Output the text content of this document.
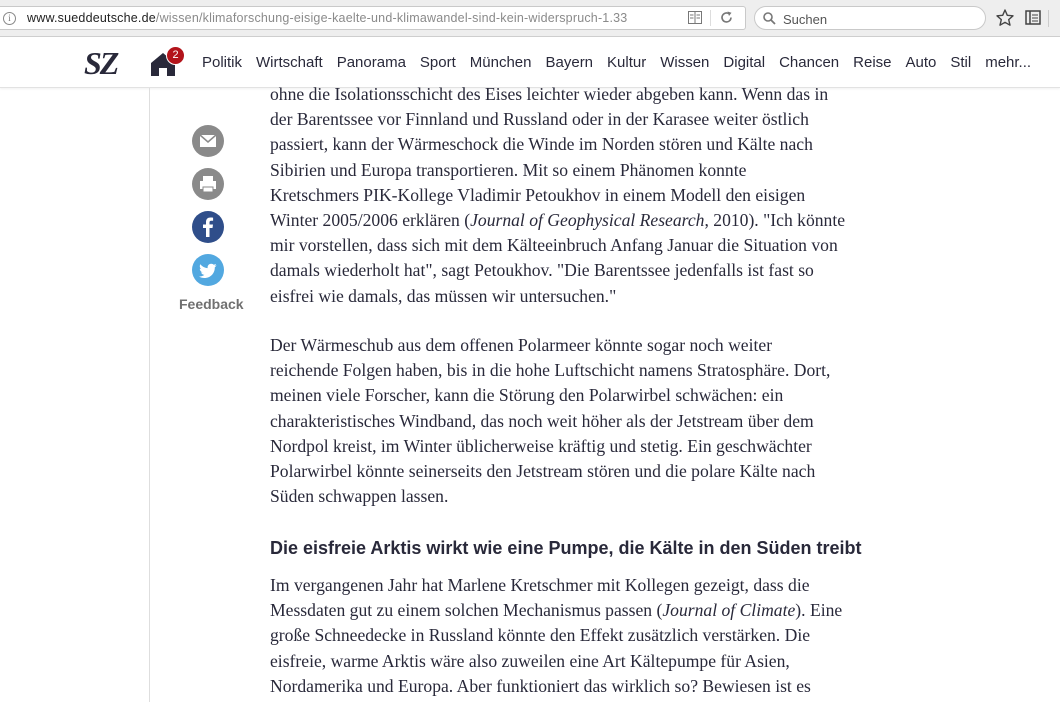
i	www.sueddeutsche.de/wissen/klimaforschung-eisige-kaelte-und-klimawandel-sind-kein-widerspruch-1.33
Suchen
SZ	2	Politik Wirtschaft Panorama Sport München Bayern Kultur Wissen Digital Chancen Reise Auto Stil mehr...
Feedback
ohne die Isolationsschicht des Eises leichter wieder abgeben kann. Wenn das in
der Barentssee vor Finnland und Russland oder in der Karasee weiter östlich
passiert, kann der Wärmeschock die Winde im Norden stören und Kälte nach
Sibirien und Europa transportieren. Mit so einem Phänomen konnte
Kretschmers PIK-Kollege Vladimir Petoukhov in einem Modell den eisigen
Winter 2005/2006 erklären (Journal of Geophysical Research, 2010). "Ich könnte
mir vorstellen, dass sich mit dem Kälteeinbruch Anfang Januar die Situation von
damals wiederholt hat", sagt Petoukhov. "Die Barentssee jedenfalls ist fast so
eisfrei wie damals, das müssen wir untersuchen."
Der Wärmeschub aus dem offenen Polarmeer könnte sogar noch weiter
reichende Folgen haben, bis in die hohe Luftschicht namens Stratosphäre. Dort,
meinen viele Forscher, kann die Störung den Polarwirbel schwächen: ein
charakteristisches Windband, das noch weit höher als der Jetstream über dem
Nordpol kreist, im Winter üblicherweise kräftig und stetig. Ein geschwächter
Polarwirbel könnte seinerseits den Jetstream stören und die polare Kälte nach
Süden schwappen lassen.
Die eisfreie Arktis wirkt wie eine Pumpe, die Kälte in den Süden treibt
Im vergangenen Jahr hat Marlene Kretschmer mit Kollegen gezeigt, dass die
Messdaten gut zu einem solchen Mechanismus passen (Journal of Climate). Eine
große Schneedecke in Russland könnte den Effekt zusätzlich verstärken. Die
eisfreie, warme Arktis wäre also zuweilen eine Art Kältepumpe für Asien,
Nordamerika und Europa. Aber funktioniert das wirklich so? Bewiesen ist es
